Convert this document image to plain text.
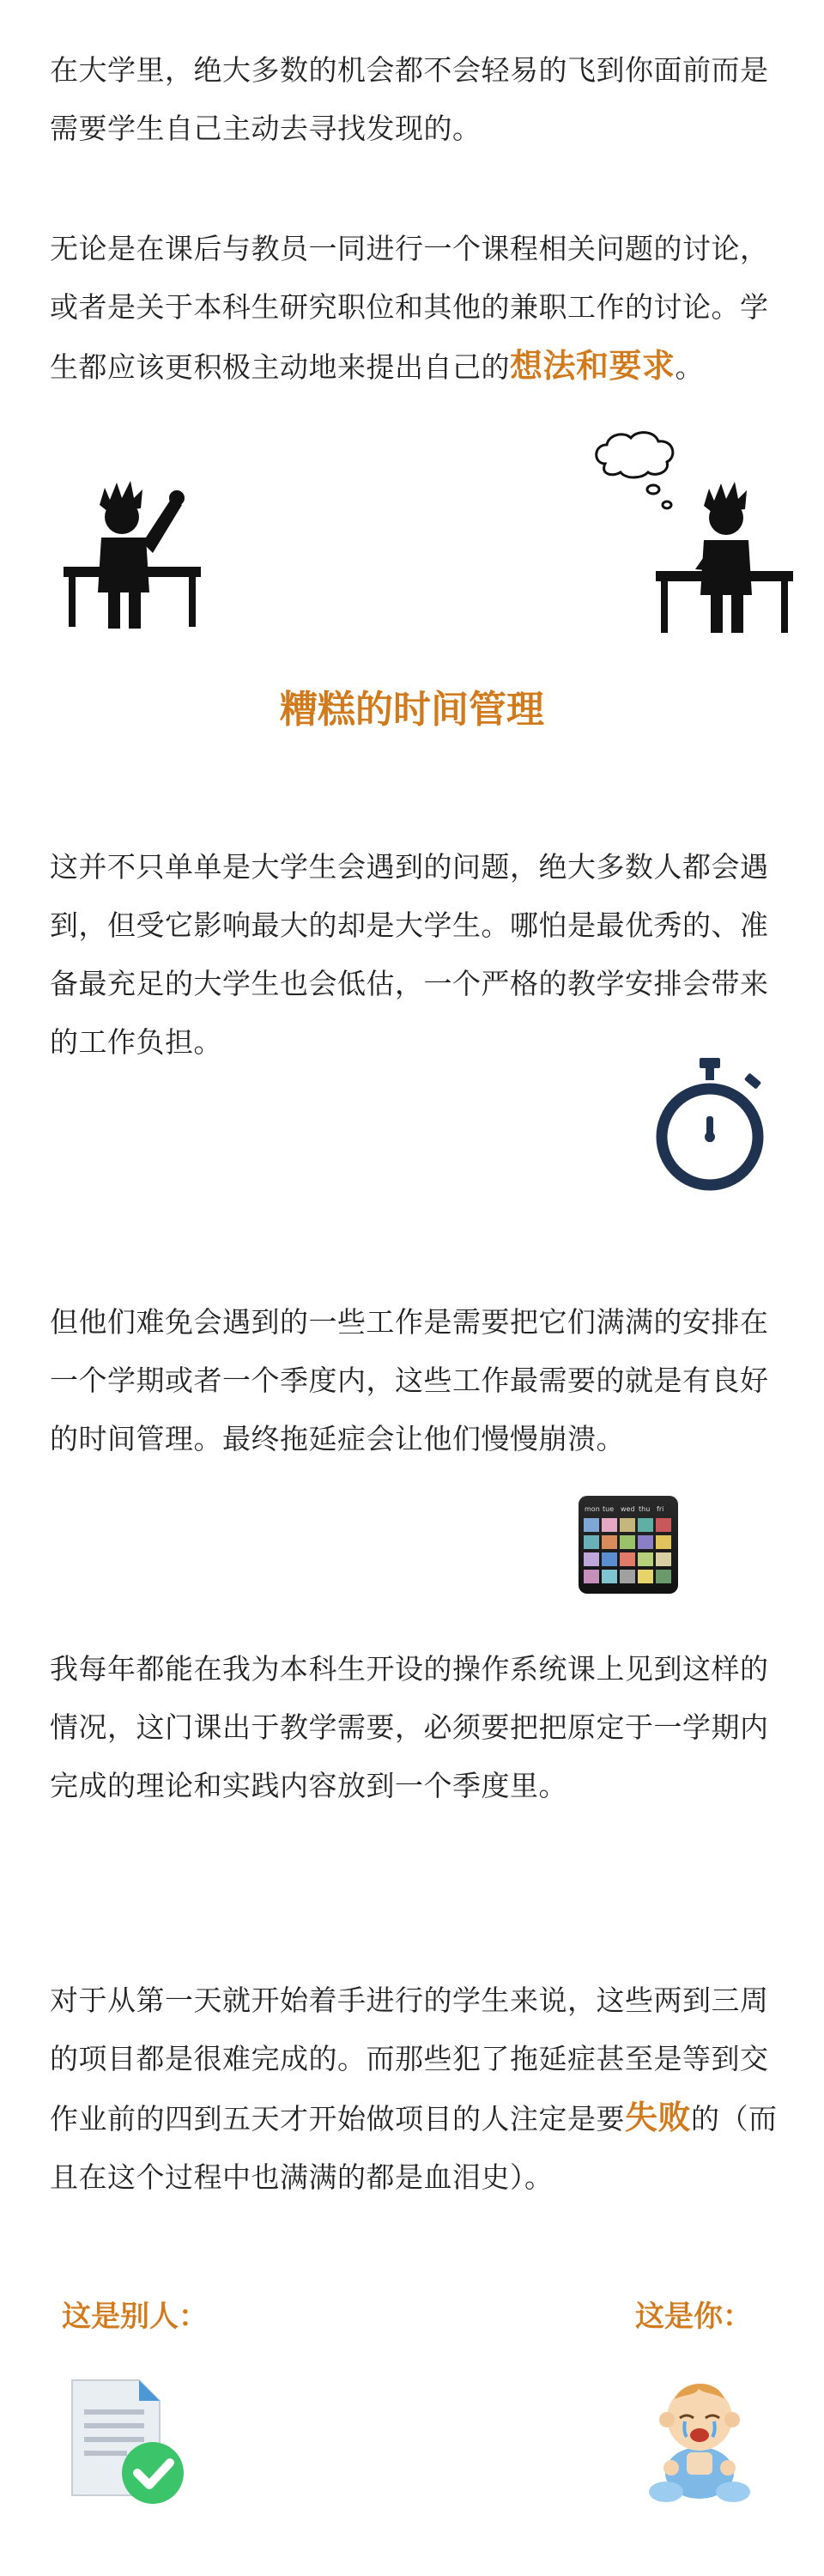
在大学里，绝大多数的机会都不会轻易的飞到你面前而是需要学生自己主动去寻找发现的。

无论是在课后与教员一同进行一个课程相关问题的讨论，或者是关于本科生研究职位和其他的兼职工作的讨论。学生都应该更积极主动地来提出自己的想法和要求。

糟糕的时间管理

这并不只单单是大学生会遇到的问题，绝大多数人都会遇到，但受它影响最大的却是大学生。哪怕是最优秀的、准备最充足的大学生也会低估，一个严格的教学安排会带来的工作负担。

但他们难免会遇到的一些工作是需要把它们满满的安排在一个学期或者一个季度内，这些工作最需要的就是有良好的时间管理。最终拖延症会让他们慢慢崩溃。

mon tue wed thu fri

我每年都能在我为本科生开设的操作系统课上见到这样的情况，这门课出于教学需要，必须要把把原定于一学期内完成的理论和实践内容放到一个季度里。

对于从第一天就开始着手进行的学生来说，这些两到三周的项目都是很难完成的。而那些犯了拖延症甚至是等到交作业前的四到五天才开始做项目的人注定是要失败的（而且在这个过程中也满满的都是血泪史）。

这是别人：	这是你：
